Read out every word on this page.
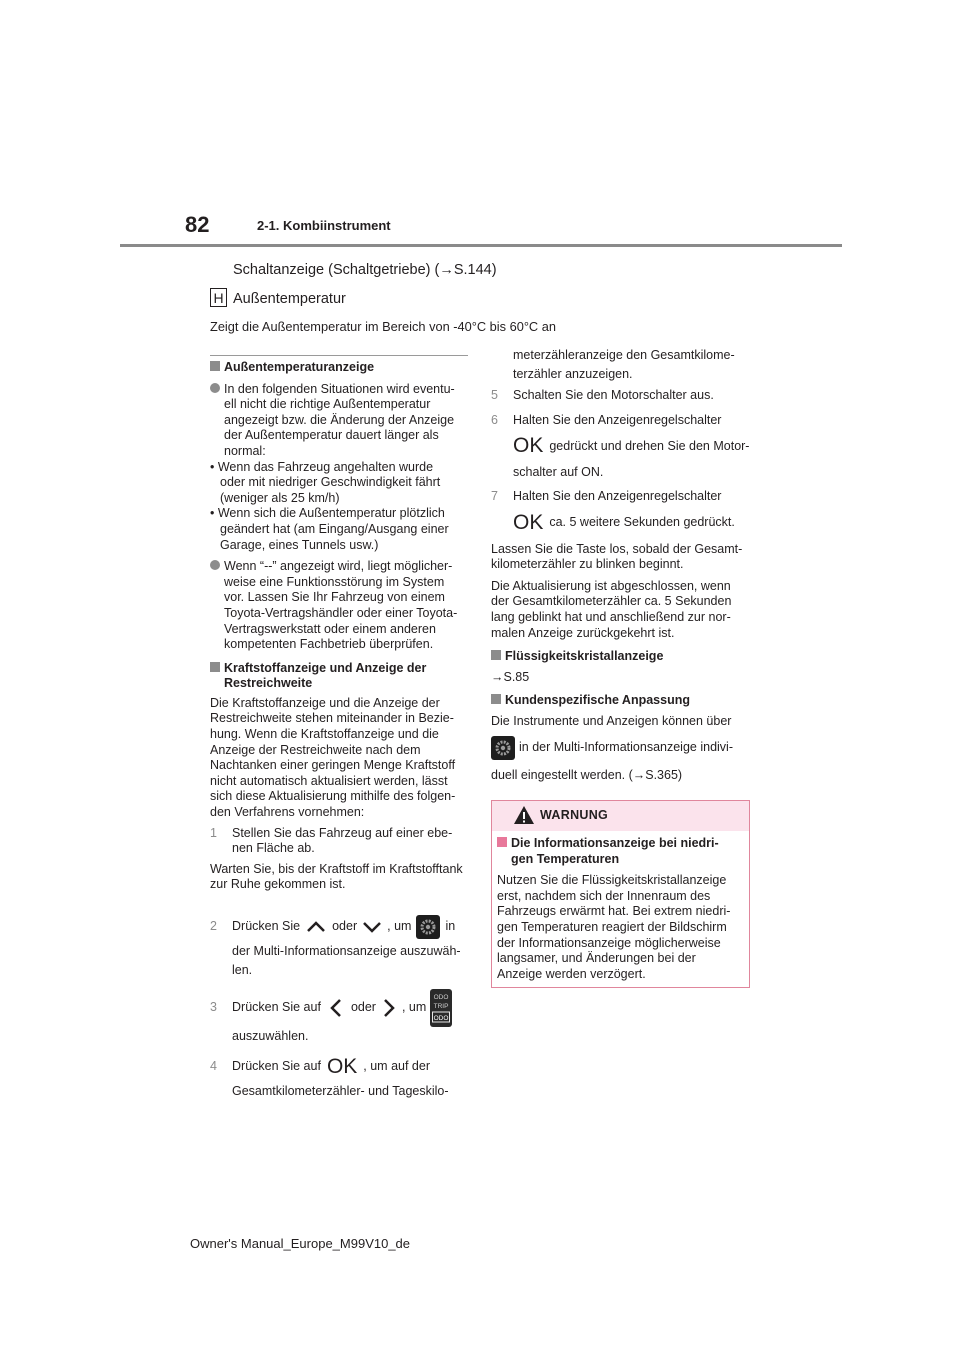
82	2-1. Kombiinstrument
Schaltanzeige (Schaltgetriebe) (→S.144)
H Außentemperatur
Zeigt die Außentemperatur im Bereich von -40°C bis 60°C an
Außentemperaturanzeige
In den folgenden Situationen wird eventu-
ell nicht die richtige Außentemperatur
angezeigt bzw. die Änderung der Anzeige
der Außentemperatur dauert länger als
normal:
• Wenn das Fahrzeug angehalten wurde
oder mit niedriger Geschwindigkeit fährt
(weniger als 25 km/h)
• Wenn sich die Außentemperatur plötzlich
geändert hat (am Eingang/Ausgang einer
Garage, eines Tunnels usw.)
Wenn “--” angezeigt wird, liegt möglicher-
weise eine Funktionsstörung im System
vor. Lassen Sie Ihr Fahrzeug von einem
Toyota-Vertragshändler oder einer Toyota-
Vertragswerkstatt oder einem anderen
kompetenten Fachbetrieb überprüfen.
Kraftstoffanzeige und Anzeige der
Restreichweite
Die Kraftstoffanzeige und die Anzeige der
Restreichweite stehen miteinander in Bezie-
hung. Wenn die Kraftstoffanzeige und die
Anzeige der Restreichweite nach dem
Nachtanken einer geringen Menge Kraftstoff
nicht automatisch aktualisiert werden, lässt
sich diese Aktualisierung mithilfe des folgen-
den Verfahrens vornehmen:
1 Stellen Sie das Fahrzeug auf einer ebe-
nen Fläche ab.
Warten Sie, bis der Kraftstoff im Kraftstofftank
zur Ruhe gekommen ist.
2	Drücken Sie	oder , um	in
der Multi-Informationsanzeige auszuwäh-
len.
3	Drücken Sie auf oder , um
ODO
TRIP
ODO
auszuwählen.
4	Drücken Sie auf OK , um auf der
Gesamtkilometerzähler- und Tageskilo-
meterzähleranzeige den Gesamtkilome-
terzähler anzuzeigen.
5 Schalten Sie den Motorschalter aus.
6 Halten Sie den Anzeigenregelschalter
OK gedrückt und drehen Sie den Motor-
schalter auf ON.
7 Halten Sie den Anzeigenregelschalter
OK ca. 5 weitere Sekunden gedrückt.
Lassen Sie die Taste los, sobald der Gesamt-
kilometerzähler zu blinken beginnt.
Die Aktualisierung ist abgeschlossen, wenn
der Gesamtkilometerzähler ca. 5 Sekunden
lang geblinkt hat und anschließend zur nor-
malen Anzeige zurückgekehrt ist.
Flüssigkeitskristallanzeige
→S.85
Kundenspezifische Anpassung
Die Instrumente und Anzeigen können über
in der Multi-Informationsanzeige indivi-
duell eingestellt werden. (→S.365)
WARNUNG
Die Informationsanzeige bei niedri-
gen Temperaturen
Nutzen Sie die Flüssigkeitskristallanzeige
erst, nachdem sich der Innenraum des
Fahrzeugs erwärmt hat. Bei extrem niedri-
gen Temperaturen reagiert der Bildschirm
der Informationsanzeige möglicherweise
langsamer, und Änderungen bei der
Anzeige werden verzögert.
Owner's Manual_Europe_M99V10_de
